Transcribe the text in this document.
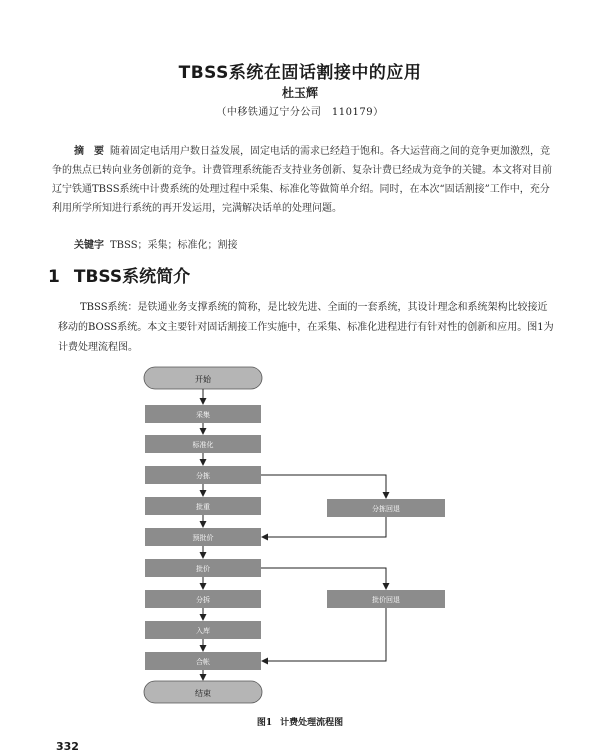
TBSS系统在固话割接中的应用
杜玉辉
（中移铁通辽宁分公司　110179）

摘　要 随着固定电话用户数日益发展，固定电话的需求已经趋于饱和。各大运营商之间的竞争更加激烈，竞争的焦点已转向业务创新的竞争。计费管理系统能否支持业务创新、复杂计费已经成为竞争的关键。本文将对目前辽宁铁通TBSS系统中计费系统的处理过程中采集、标准化等做简单介绍。同时，在本次“固话割接”工作中，充分利用所学所知进行系统的再开发运用，完满解决话单的处理问题。

关键字 TBSS；采集；标准化；割接
1 TBSS系统简介

TBSS系统：是铁通业务支撑系统的简称，是比较先进、全面的一套系统，其设计理念和系统架构比较接近移动的BOSS系统。本文主要针对固话割接工作实施中，在采集、标准化进程进行有针对性的创新和应用。图1为计费处理流程图。

开始
采集
标准化
分拣
批重
预批价
批价
分拆
入库
合帐
结束
分拣回退
批价回退
图1 计费处理流程图
332
